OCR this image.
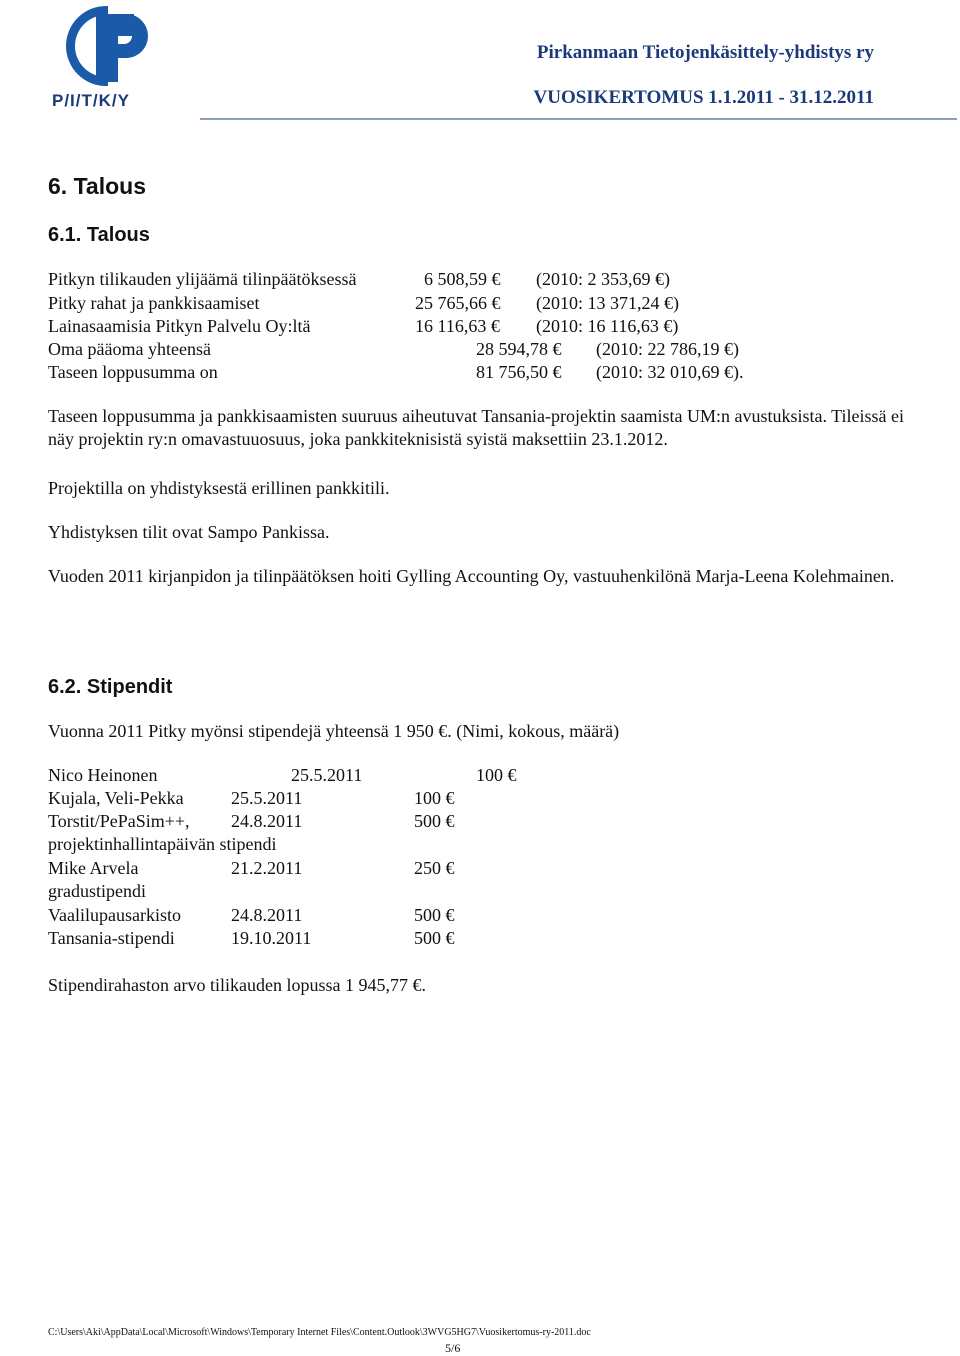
P/I/T/K/Y
Pirkanmaan Tietojenkäsittely-yhdistys ry
VUOSIKERTOMUS 1.1.2011 - 31.12.2011
6. Talous
6.1. Talous
Pitkyn tilikauden ylijäämä tilinpäätöksessä	6 508,59 € (2010: 2 353,69 €)
Pitky rahat ja pankkisaamiset	25 765,66 € (2010: 13 371,24 €)
Lainasaamisia Pitkyn Palvelu Oy:ltä	16 116,63 € (2010: 16 116,63 €)
Oma pääoma yhteensä	28 594,78 € (2010: 22 786,19 €)
Taseen loppusumma on	81 756,50 € (2010: 32 010,69 €).
Taseen loppusumma ja pankkisaamisten suuruus aiheutuvat Tansania-projektin saamista UM:n avustuksista. Tileissä ei näy projektin ry:n omavastuuosuus, joka pankkiteknisistä syistä maksettiin 23.1.2012.
Projektilla on yhdistyksestä erillinen pankkitili.
Yhdistyksen tilit ovat Sampo Pankissa.
Vuoden 2011 kirjanpidon ja tilinpäätöksen hoiti Gylling Accounting Oy, vastuuhenkilönä Marja-Leena Kolehmainen.
6.2. Stipendit
Vuonna 2011 Pitky myönsi stipendejä yhteensä 1 950 €. (Nimi, kokous, määrä)
Nico Heinonen	25.5.2011	100 €
Kujala, Veli-Pekka	25.5.2011	100 €
Torstit/PePaSim++, 24.8.2011	500 €
projektinhallintapäivän stipendi
Mike Arvela	21.2.2011	250 €
gradustipendi
Vaalilupausarkisto	24.8.2011	500 €
Tansania-stipendi	19.10.2011	500 €
Stipendirahaston arvo tilikauden lopussa 1 945,77 €.
C:\Users\Aki\AppData\Local\Microsoft\Windows\Temporary Internet Files\Content.Outlook\3WVG5HG7\Vuosikertomus-ry-2011.doc
5/6
